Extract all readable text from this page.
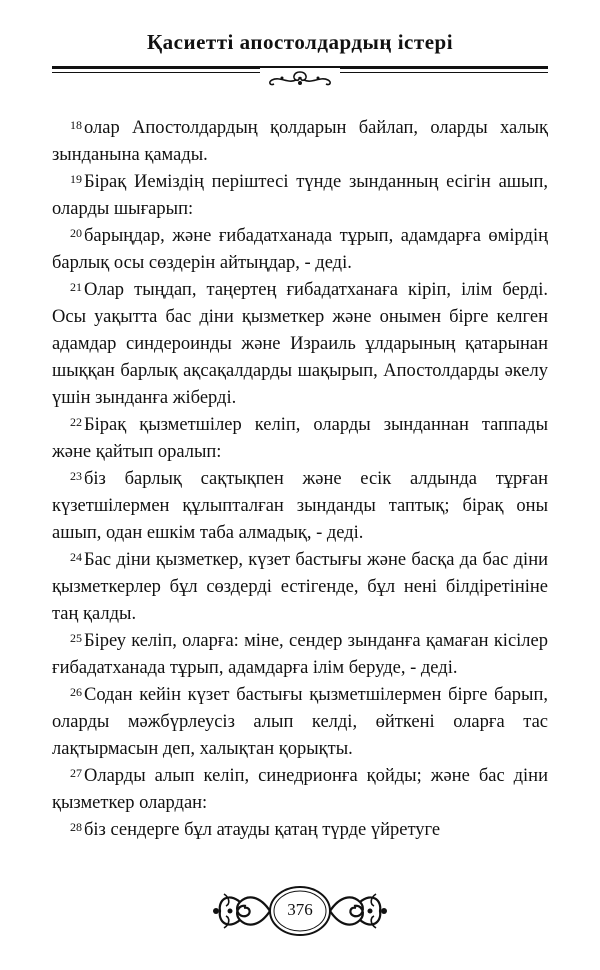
Қасиетті апостолдардың істері

$^{18}$ олар Апостолдардың қолдарын байлап, оларды халық зынданына қамады.

$^{19}$ Бірақ Иеміздің періштесі түнде зынданның есігін ашып, оларды шығарып:

$^{20}$ барыңдар, және ғибадатханада тұрып, адамдарға өмірдің барлық осы сөздерін айтыңдар, - деді.

$^{21}$ Олар тыңдап, таңертең ғибадатханаға кіріп, ілім берді. Осы уақытта бас діни қызметкер және онымен бірге келген адамдар синдероинды және Израиль ұлдарының қатарынан шыққан барлық ақсақалдарды шақырып, Апостолдарды әкелу үшін зынданға жіберді.

$^{22}$ Бірақ қызметшілер келіп, оларды зынданнан таппады және қайтып оралып:

$^{23}$ біз барлық сақтықпен және есік алдында тұрған күзетшілермен құлыпталған зынданды таптық; бірақ оны ашып, одан ешкім таба алмадық, - деді.

$^{24}$ Бас діни қызметкер, күзет бастығы және басқа да бас діни қызметкерлер бұл сөздерді естігенде, бұл нені білдіретініне таң қалды.

$^{25}$ Біреу келіп, оларға: міне, сендер зынданға қамаған кісілер ғибадатханада тұрып, адамдарға ілім беруде, - деді.

$^{26}$ Содан кейін күзет бастығы қызметшілермен бірге барып, оларды мәжбүрлеусіз алып келді, өйткені оларға тас лақтырмасын деп, халықтан қорықты.

$^{27}$ Оларды алып келіп, синедрионға қойды; және бас діни қызметкер олардан:

$^{28}$ біз сендерге бұл атауды қатаң түрде үйретуге

376
